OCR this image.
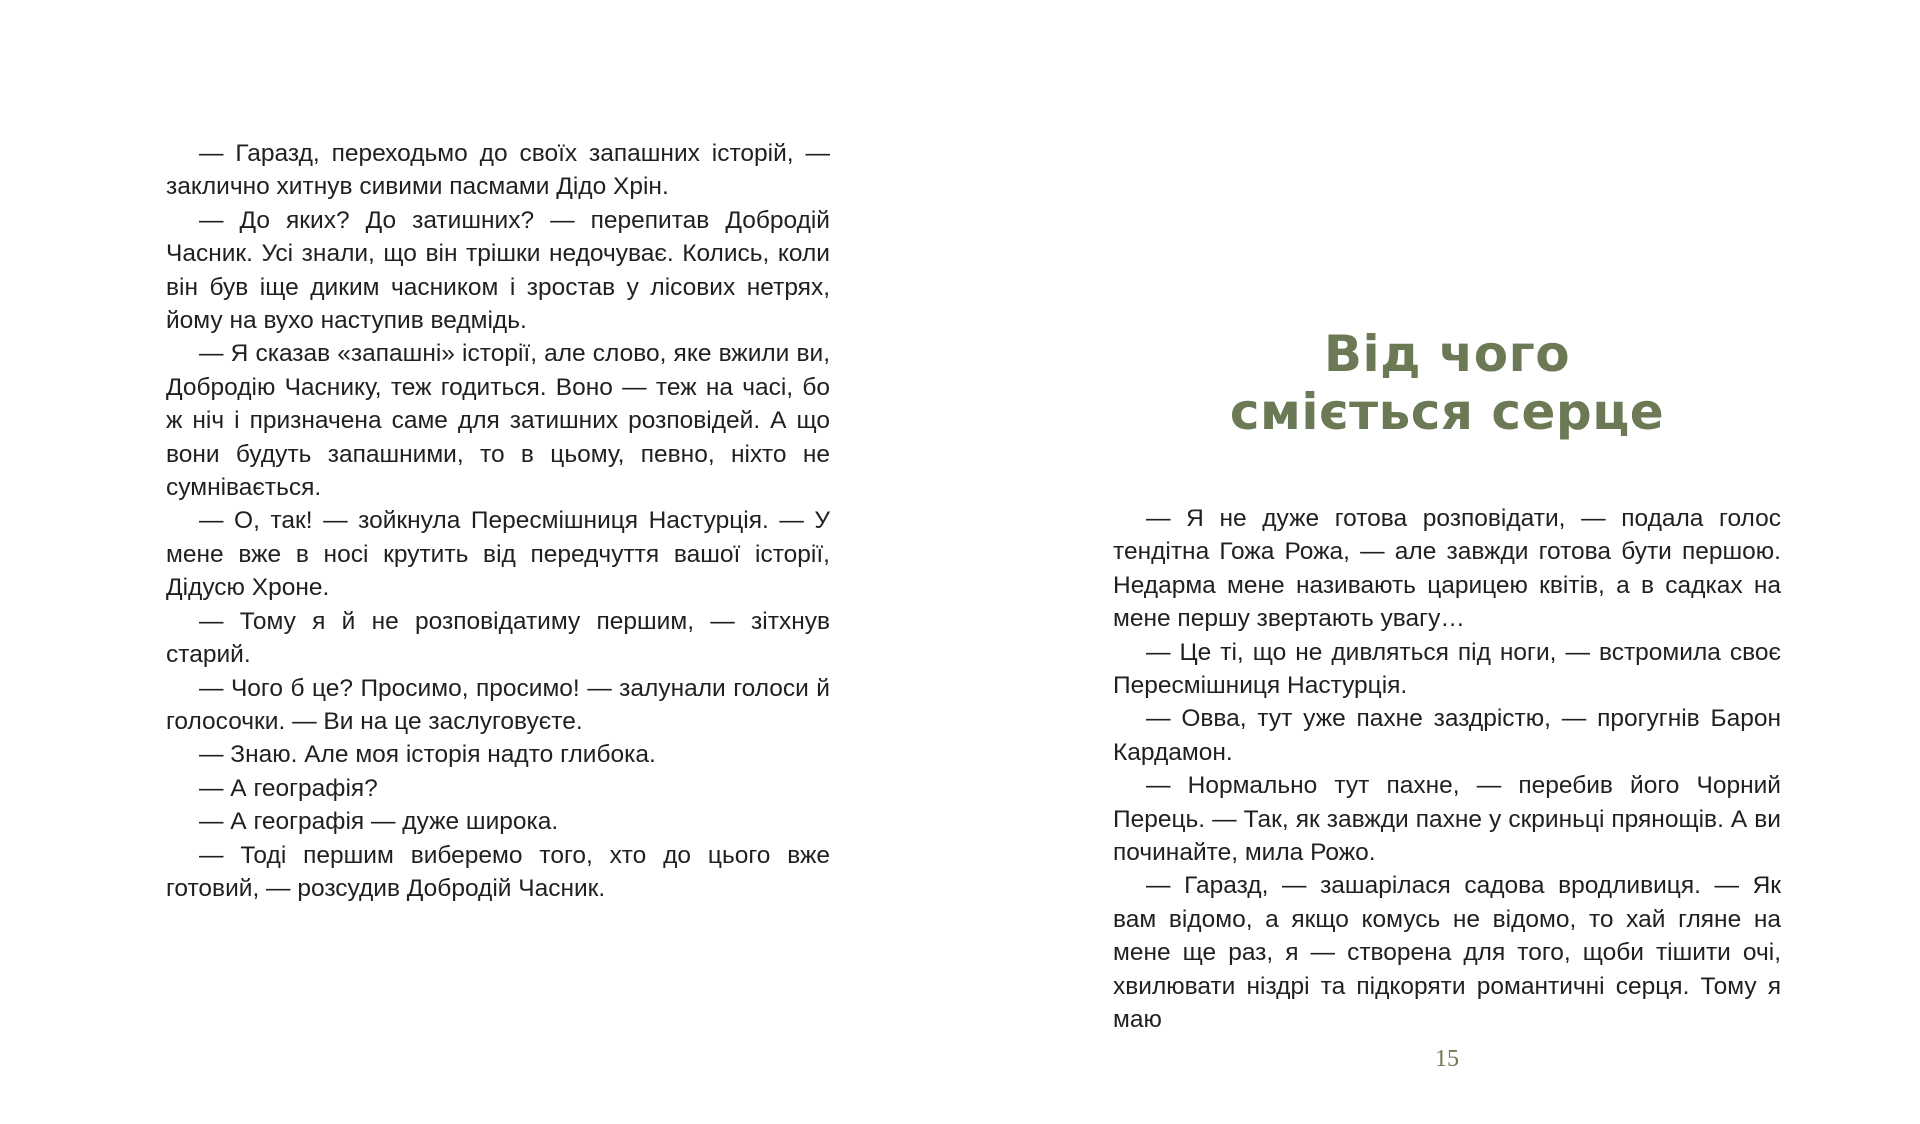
— Гаразд, переходьмо до своїх запашних історій, — закличнo хитнув сивими пасмами Дідо Хрін.

— До яких? До затишних? — перепитав Добродій Часник. Усі знали, що він трішки недочуває. Колись, коли він був іще диким часником і зростав у лісових нетрях, йому на вухо наступив ведмідь.

— Я сказав «запашні» історії, але слово, яке вжили ви, Добродію Часнику, теж годиться. Воно — теж на часі, бо ж ніч і призначена саме для затишних розповідей. А що вони будуть запашними, то в цьому, певно, ніхто не сумнівається.

— О, так! — зойкнула Пересмішниця Настурція. — У мене вже в носі крутить від передчуття вашої історії, Дідусю Хроне.

— Тому я й не розповідатиму першим, — зітхнув старий.

— Чого б це? Просимо, просимо! — залунали голоси й голосочки. — Ви на це заслуговуєте.

— Знаю. Але моя історія надто глибока.

— А географія?

— А географія — дуже широка.

— Тоді першим виберемо того, хто до цього вже готовий, — розсудив Добродій Часник.

Від чого
сміється серце

— Я не дуже готова розповідати, — подала голос тендітна Гожа Рожа, — але завжди готова бути першою. Недарма мене називають царицею квітів, а в садках на мене першу звертають увагу…

— Це ті, що не дивляться під ноги, — встромила своє Пересмішниця Настурція.

— Овва, тут уже пахне заздрістю, — прогугнів Барон Кардамон.

— Нормально тут пахне, — перебив його Чорний Перець. — Так, як завжди пахне у скриньці прянощів. А ви починайте, мила Рожо.

— Гаразд, — зашарілася садова вродливиця. — Як вам відомо, а якщо комусь не відомо, то хай гляне на мене ще раз, я — створена для того, щоби тішити очі, хвилювати ніздрі та підкоряти романтичні серця. Тому я маю

15
